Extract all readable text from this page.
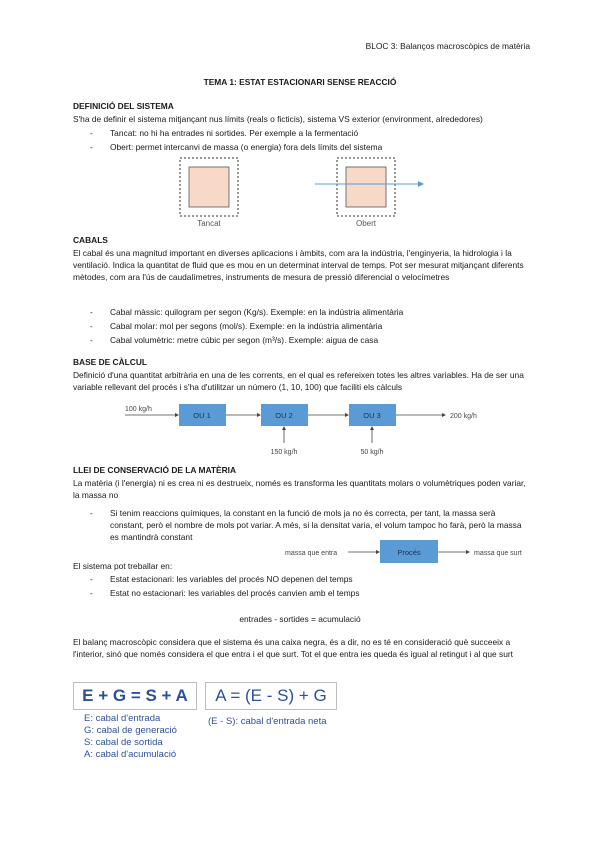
BLOC 3: Balanços macroscòpics de matèria
TEMA 1: ESTAT ESTACIONARI SENSE REACCIÓ
DEFINICIÓ DEL SISTEMA
S'ha de definir el sistema mitjançant nus límits (reals o ficticis), sistema VS exterior (environment, alrededores)
- Tancat: no hi ha entrades ni sortides. Per exemple a la fermentació
- Obert: permet intercanvi de massa (o energia) fora dels límits del sistema
Tancat	Obert
CABALS
El cabal és una magnitud important en diverses aplicacions i àmbits, com ara la indústria, l'enginyeria, la hidrologia i la ventilació. Indica la quantitat de fluid que es mou en un determinat interval de temps. Pot ser mesurat mitjançant diferents mètodes, com ara l'ús de caudalímetres, instruments de mesura de pressió diferencial o velocímetres
- Cabal màssic: quilogram per segon (Kg/s). Exemple: en la indústria alimentària
- Cabal molar: mol per segons (mol/s). Exemple: en la indústria alimentària
- Cabal volumètric: metre cúbic per segon (m³/s). Exemple: aigua de casa
BASE DE CÀLCUL
Definició d'una quantitat arbitrària en una de les corrents, en el qual es refereixen totes les altres variables. Ha de ser una variable rellevant del procés i s'ha d'utilitzar un número (1, 10, 100) que faciliti els càlculs
100 kg/h
OU 1	OU 2	OU 3	200 kg/h
150 kg/h	50 kg/h
LLEI DE CONSERVACIÓ DE LA MATÈRIA
La matèria (i l'energia) ni es crea ni es destrueix, només es transforma les quantitats molars o volumètriques poden variar, la massa no
- Si tenim reaccions químiques, la constant en la funció de mols ja no és correcta, per tant, la massa serà constant, però el nombre de mols pot variar. A més, si la densitat varia, el volum tampoc ho farà, però la massa es mantindrà constant
massa que entra	Procés	massa que surt
El sistema pot treballar en:
- Estat estacionari: les variables del procés NO depenen del temps
- Estat no estacionari: les variables del procés canvien amb el temps
entrades - sortides = acumulació
El balanç macroscòpic considera que el sistema és una caixa negra, és a dir, no es té en consideració què succeeix a l'interior, sinó que només considera el que entra i el que surt. Tot el que entra ies queda és igual al retingut i al que surt
E + G = S + A	A = (E - S) + G
E: cabal d'entrada
G: cabal de generació
S: cabal de sortida
A: cabal d'acumulació
(E - S): cabal d'entrada neta
